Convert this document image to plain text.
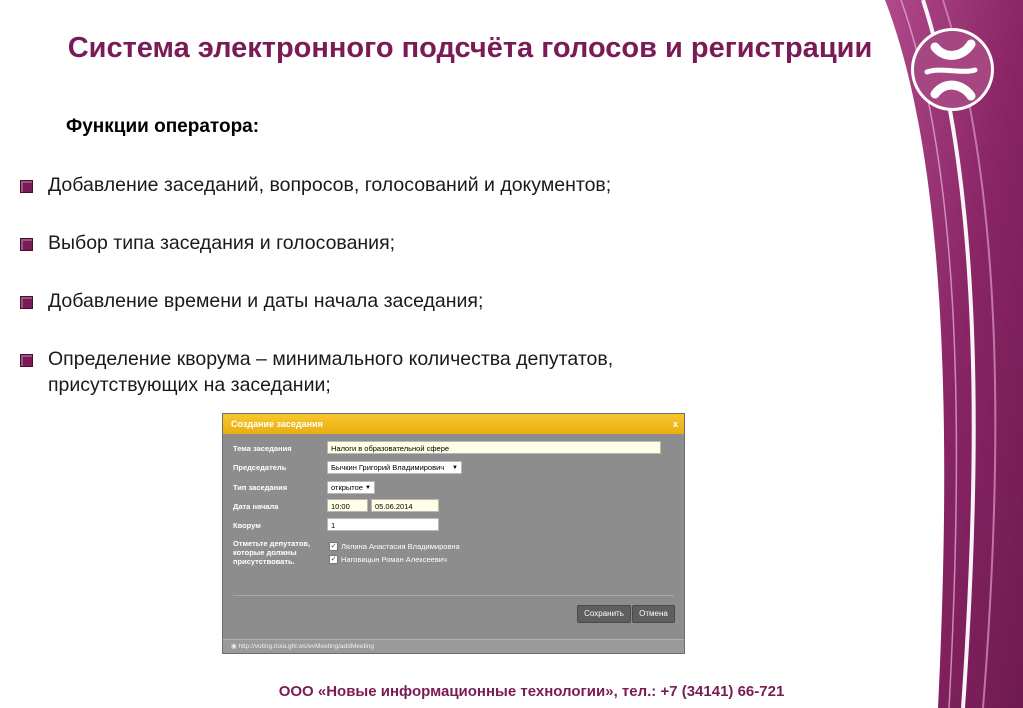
Система электронного подсчёта голосов и регистрации
Функции оператора:
Добавление заседаний, вопросов, голосований и документов;
Выбор типа заседания и голосования;
Добавление времени и даты начала заседания;
Определение кворума – минимального количества депутатов, присутствующих на заседании;
Создание заседания	x
Тема заседания	Налоги в образовательной сфере
Председатель	Бычкин Григорий Владимирович ▼
Тип заседания	открытое ▼
Дата начала	10:00	05.06.2014
Кворум	1
Отметьте депутатов, которые должны присутствовать.
✓ Лялина Анастасия Владимировна
✓ Наговицын Роман Алексеевич
Сохранить	Отмена
◉ http://voting.riola.ghl.ws/evMeeting/addMeeting
ООО «Новые информационные технологии», тел.: +7 (34141) 66-721
